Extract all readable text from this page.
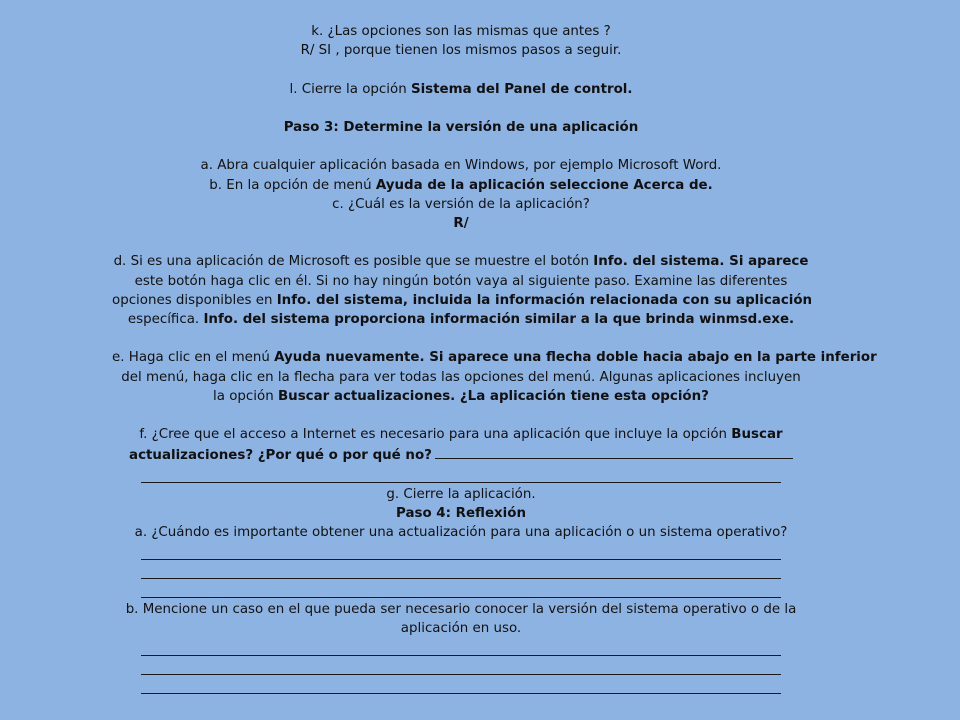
k. ¿Las opciones son las mismas que antes ?
R/ SI , porque tienen los mismos pasos a seguir.
l. Cierre la opción Sistema del Panel de control.
Paso 3: Determine la versión de una aplicación
a. Abra cualquier aplicación basada en Windows, por ejemplo Microsoft Word.
b. En la opción de menú Ayuda de la aplicación seleccione Acerca de.
c. ¿Cuál es la versión de la aplicación?
R/
d. Si es una aplicación de Microsoft es posible que se muestre el botón Info. del sistema. Si aparece
este botón haga clic en él. Si no hay ningún botón vaya al siguiente paso. Examine las diferentes
opciones disponibles en Info. del sistema, incluida la información relacionada con su aplicación
específica. Info. del sistema proporciona información similar a la que brinda winmsd.exe.
e. Haga clic en el menú Ayuda nuevamente. Si aparece una flecha doble hacia abajo en la parte inferior
del menú, haga clic en la flecha para ver todas las opciones del menú. Algunas aplicaciones incluyen
la opción Buscar actualizaciones. ¿La aplicación tiene esta opción?
f. ¿Cree que el acceso a Internet es necesario para una aplicación que incluye la opción Buscar
actualizaciones? ¿Por qué o por qué no?
g. Cierre la aplicación.
Paso 4: Reflexión
a. ¿Cuándo es importante obtener una actualización para una aplicación o un sistema operativo?
b. Mencione un caso en el que pueda ser necesario conocer la versión del sistema operativo o de la
aplicación en uso.
